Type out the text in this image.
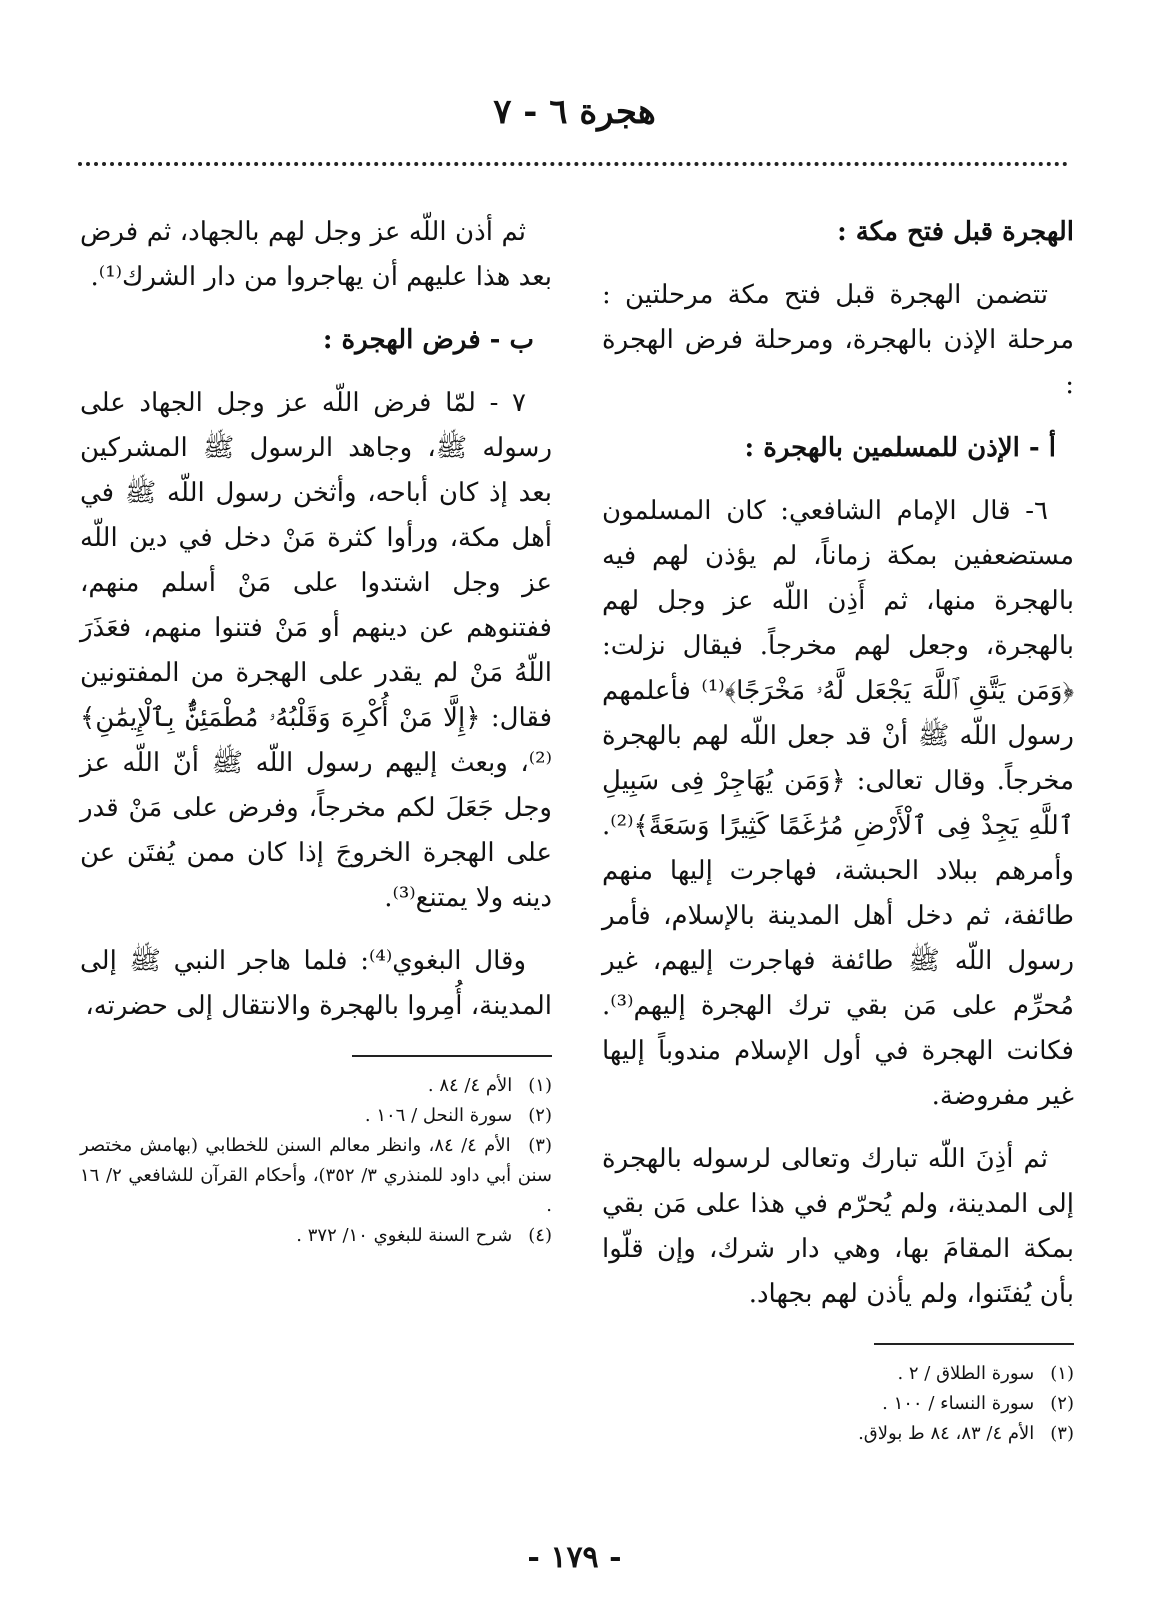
هجرة ٦ - ٧
الهجرة قبل فتح مكة :

تتضمن الهجرة قبل فتح مكة مرحلتين : مرحلة الإذن بالهجرة، ومرحلة فرض الهجرة :

أ - الإذن للمسلمين بالهجرة :

٦- قال الإمام الشافعي: كان المسلمون مستضعفين بمكة زماناً، لم يؤذن لهم فيه بالهجرة منها، ثم أَذِن اللّه عز وجل لهم بالهجرة، وجعل لهم مخرجاً. فيقال نزلت: ﴿وَمَن يَتَّقِ ٱللَّهَ يَجْعَل لَّهُۥ مَخْرَجًا﴾⁽¹⁾ فأعلمهم رسول اللّه ﷺ أنْ قد جعل اللّه لهم بالهجرة مخرجاً. وقال تعالى: ﴿وَمَن يُهَاجِرْ فِى سَبِيلِ ٱللَّهِ يَجِدْ فِى ٱلْأَرْضِ مُرَٰغَمًا كَثِيرًا وَسَعَةً﴾⁽²⁾. وأمرهم ببلاد الحبشة، فهاجرت إليها منهم طائفة، ثم دخل أهل المدينة بالإسلام، فأمر رسول اللّه ﷺ طائفة فهاجرت إليهم، غير مُحرِّم على مَن بقي ترك الهجرة إليهم⁽³⁾. فكانت الهجرة في أول الإسلام مندوباً إليها غير مفروضة.

ثم أذِنَ اللّه تبارك وتعالى لرسوله بالهجرة إلى المدينة، ولم يُحرّم في هذا على مَن بقي بمكة المقامَ بها، وهي دار شرك، وإن قلّوا بأن يُفتَنوا، ولم يأذن لهم بجهاد.

(١) سورة الطلاق / ٢ .

(٢) سورة النساء / ١٠٠ .

(٣) الأم ٤/ ٨٣، ٨٤ ط بولاق.

ثم أذن اللّه عز وجل لهم بالجهاد، ثم فرض بعد هذا عليهم أن يهاجروا من دار الشرك⁽¹⁾.

ب - فرض الهجرة :

٧ - لمّا فرض اللّه عز وجل الجهاد على رسوله ﷺ، وجاهد الرسول ﷺ المشركين بعد إذ كان أباحه، وأثخن رسول اللّه ﷺ في أهل مكة، ورأوا كثرة مَنْ دخل في دين اللّه عز وجل اشتدوا على مَنْ أسلم منهم، ففتنوهم عن دينهم أو مَنْ فتنوا منهم، فعَذَرَ اللّهُ مَنْ لم يقدر على الهجرة من المفتونين فقال: ﴿إِلَّا مَنْ أُكْرِهَ وَقَلْبُهُۥ مُطْمَئِنٌّۢ بِٱلْإِيمَٰنِ﴾⁽²⁾، وبعث إليهم رسول اللّه ﷺ أنّ اللّه عز وجل جَعَلَ لكم مخرجاً، وفرض على مَنْ قدر على الهجرة الخروجَ إذا كان ممن يُفتَن عن دينه ولا يمتنع⁽³⁾.

وقال البغوي⁽⁴⁾: فلما هاجر النبي ﷺ إلى المدينة، أُمِروا بالهجرة والانتقال إلى حضرته،

(١) الأم ٤/ ٨٤ .

(٢) سورة النحل / ١٠٦ .

(٣) الأم ٤/ ٨٤، وانظر معالم السنن للخطابي (بهامش مختصر سنن أبي داود للمنذري ٣/ ٣٥٢)، وأحكام القرآن للشافعي ٢/ ١٦ .

(٤) شرح السنة للبغوي ١٠/ ٣٧٢ .

- ١٧٩ -
